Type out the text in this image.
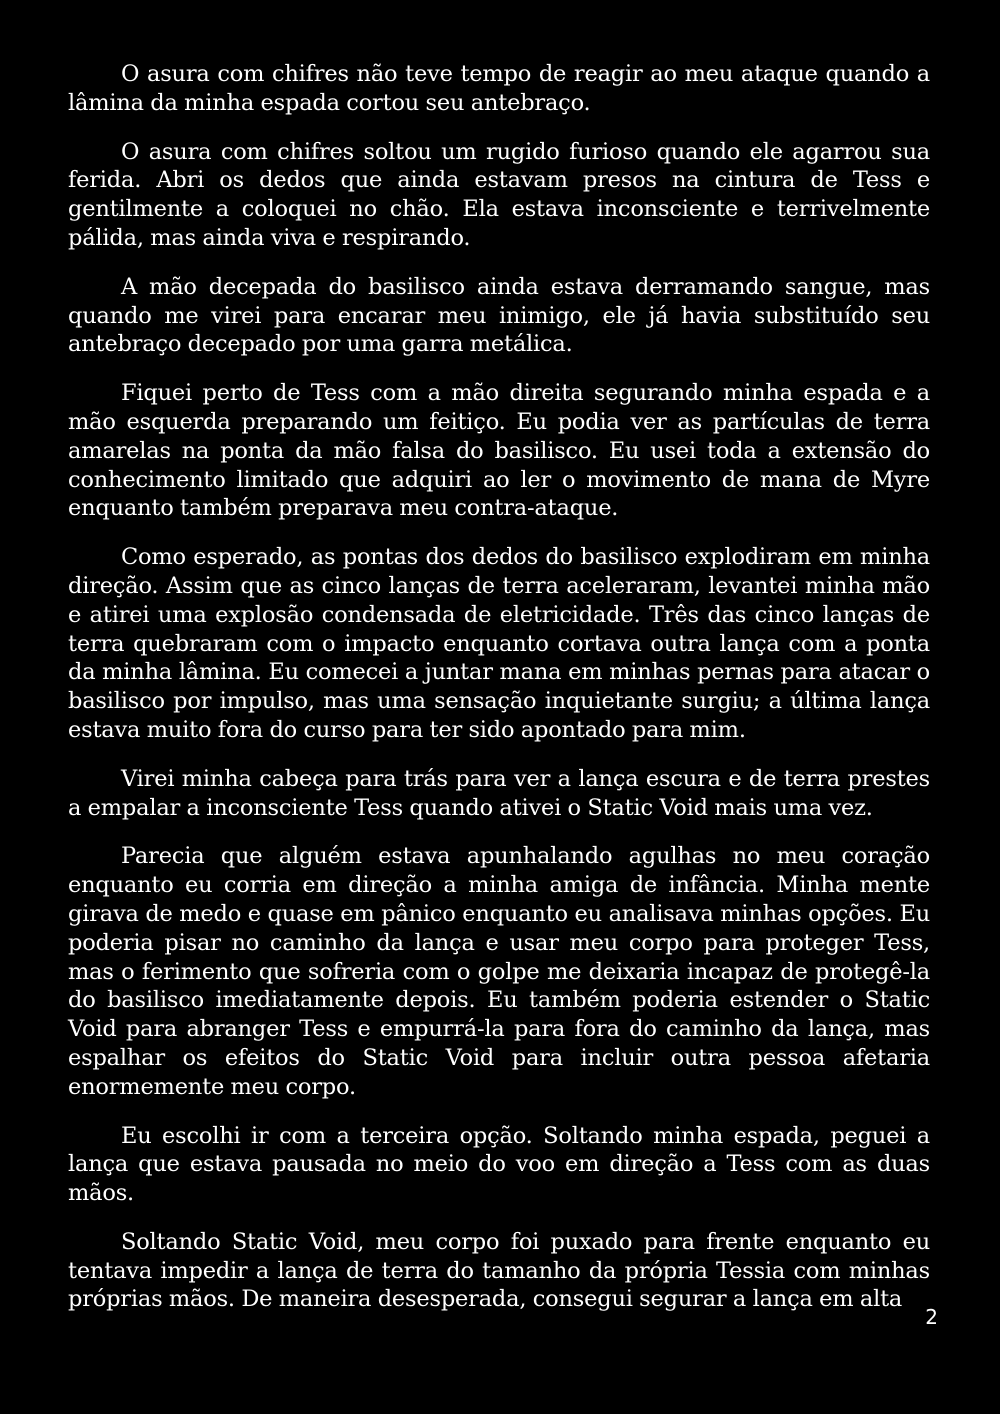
O asura com chifres não teve tempo de reagir ao meu ataque quando a lâmina da minha espada cortou seu antebraço.

O asura com chifres soltou um rugido furioso quando ele agarrou sua ferida. Abri os dedos que ainda estavam presos na cintura de Tess e gentilmente a coloquei no chão. Ela estava inconsciente e terrivelmente pálida, mas ainda viva e respirando.

A mão decepada do basilisco ainda estava derramando sangue, mas quando me virei para encarar meu inimigo, ele já havia substituído seu antebraço decepado por uma garra metálica.

Fiquei perto de Tess com a mão direita segurando minha espada e a mão esquerda preparando um feitiço. Eu podia ver as partículas de terra amarelas na ponta da mão falsa do basilisco. Eu usei toda a extensão do conhecimento limitado que adquiri ao ler o movimento de mana de Myre enquanto também preparava meu contra-ataque.

Como esperado, as pontas dos dedos do basilisco explodiram em minha direção. Assim que as cinco lanças de terra aceleraram, levantei minha mão e atirei uma explosão condensada de eletricidade. Três das cinco lanças de terra quebraram com o impacto enquanto cortava outra lança com a ponta da minha lâmina. Eu comecei a juntar mana em minhas pernas para atacar o basilisco por impulso, mas uma sensação inquietante surgiu; a última lança estava muito fora do curso para ter sido apontado para mim.

Virei minha cabeça para trás para ver a lança escura e de terra prestes a empalar a inconsciente Tess quando ativei o Static Void mais uma vez.

Parecia que alguém estava apunhalando agulhas no meu coração enquanto eu corria em direção a minha amiga de infância. Minha mente girava de medo e quase em pânico enquanto eu analisava minhas opções. Eu poderia pisar no caminho da lança e usar meu corpo para proteger Tess, mas o ferimento que sofreria com o golpe me deixaria incapaz de protegê-la do basilisco imediatamente depois. Eu também poderia estender o Static Void para abranger Tess e empurrá-la para fora do caminho da lança, mas espalhar os efeitos do Static Void para incluir outra pessoa afetaria enormemente meu corpo.

Eu escolhi ir com a terceira opção. Soltando minha espada, peguei a lança que estava pausada no meio do voo em direção a Tess com as duas mãos.

Soltando Static Void, meu corpo foi puxado para frente enquanto eu tentava impedir a lança de terra do tamanho da própria Tessia com minhas próprias mãos. De maneira desesperada, consegui segurar a lança em alta

2
